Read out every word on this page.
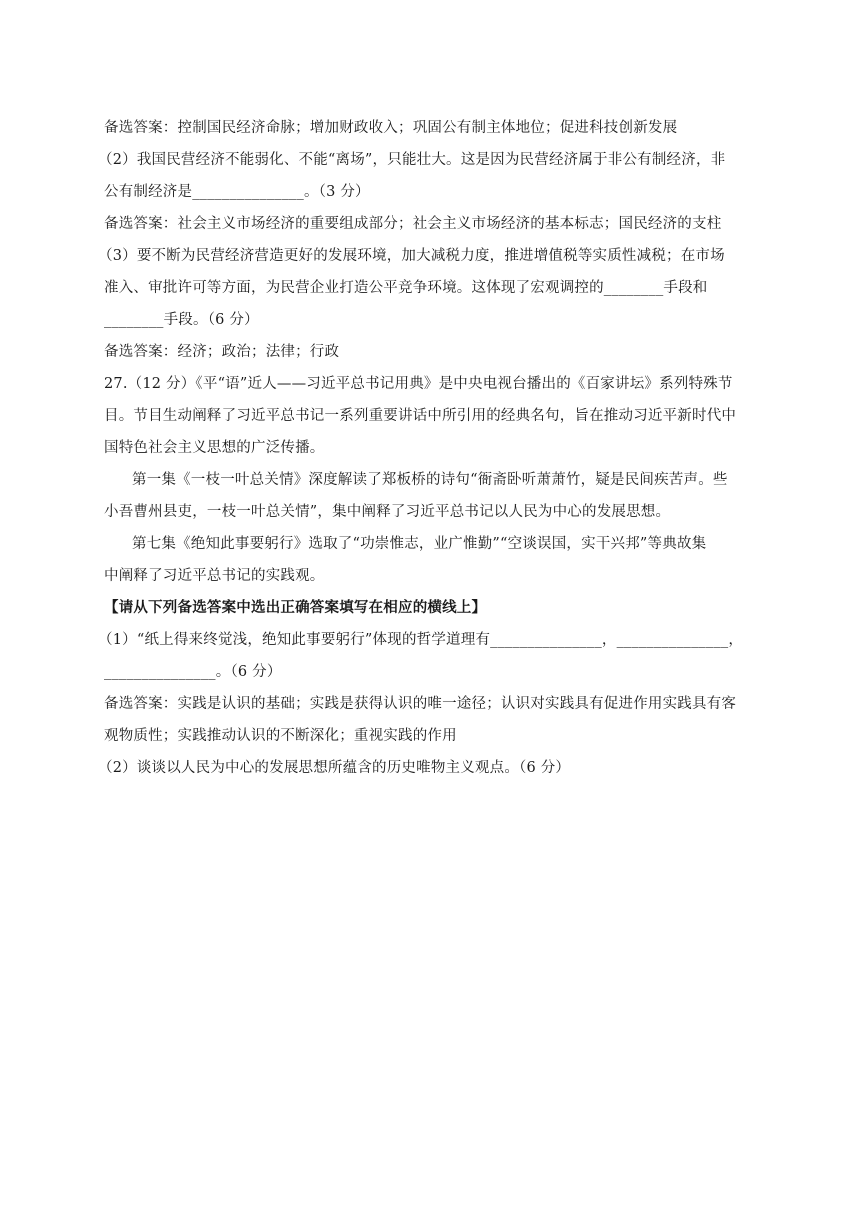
备选答案：控制国民经济命脉；增加财政收入；巩固公有制主体地位；促进科技创新发展
（2）我国民营经济不能弱化、不能“离场”，只能壮大。这是因为民营经济属于非公有制经济，非
公有制经济是_______________。（3 分）
备选答案：社会主义市场经济的重要组成部分；社会主义市场经济的基本标志；国民经济的支柱
（3）要不断为民营经济营造更好的发展环境，加大减税力度，推进增值税等实质性减税；在市场
准入、审批许可等方面，为民营企业打造公平竞争环境。这体现了宏观调控的________手段和
________手段。（6 分）
备选答案：经济；政治；法律；行政
27.（12 分）《平“语”近人——习近平总书记用典》是中央电视台播出的《百家讲坛》系列特殊节
目。节目生动阐释了习近平总书记一系列重要讲话中所引用的经典名句，旨在推动习近平新时代中
国特色社会主义思想的广泛传播。
第一集《一枝一叶总关情》深度解读了郑板桥的诗句“衙斋卧听萧萧竹，疑是民间疾苦声。些
小吾曹州县吏，一枝一叶总关情”，集中阐释了习近平总书记以人民为中心的发展思想。
第七集《绝知此事要躬行》选取了“功崇惟志，业广惟勤”“空谈误国，实干兴邦”等典故集
中阐释了习近平总书记的实践观。
【请从下列备选答案中选出正确答案填写在相应的横线上】
（1）“纸上得来终觉浅，绝知此事要躬行”体现的哲学道理有_______________，_______________，
_______________。（6 分）
备选答案：实践是认识的基础；实践是获得认识的唯一途径；认识对实践具有促进作用实践具有客
观物质性；实践推动认识的不断深化；重视实践的作用
（2）谈谈以人民为中心的发展思想所蕴含的历史唯物主义观点。（6 分）
